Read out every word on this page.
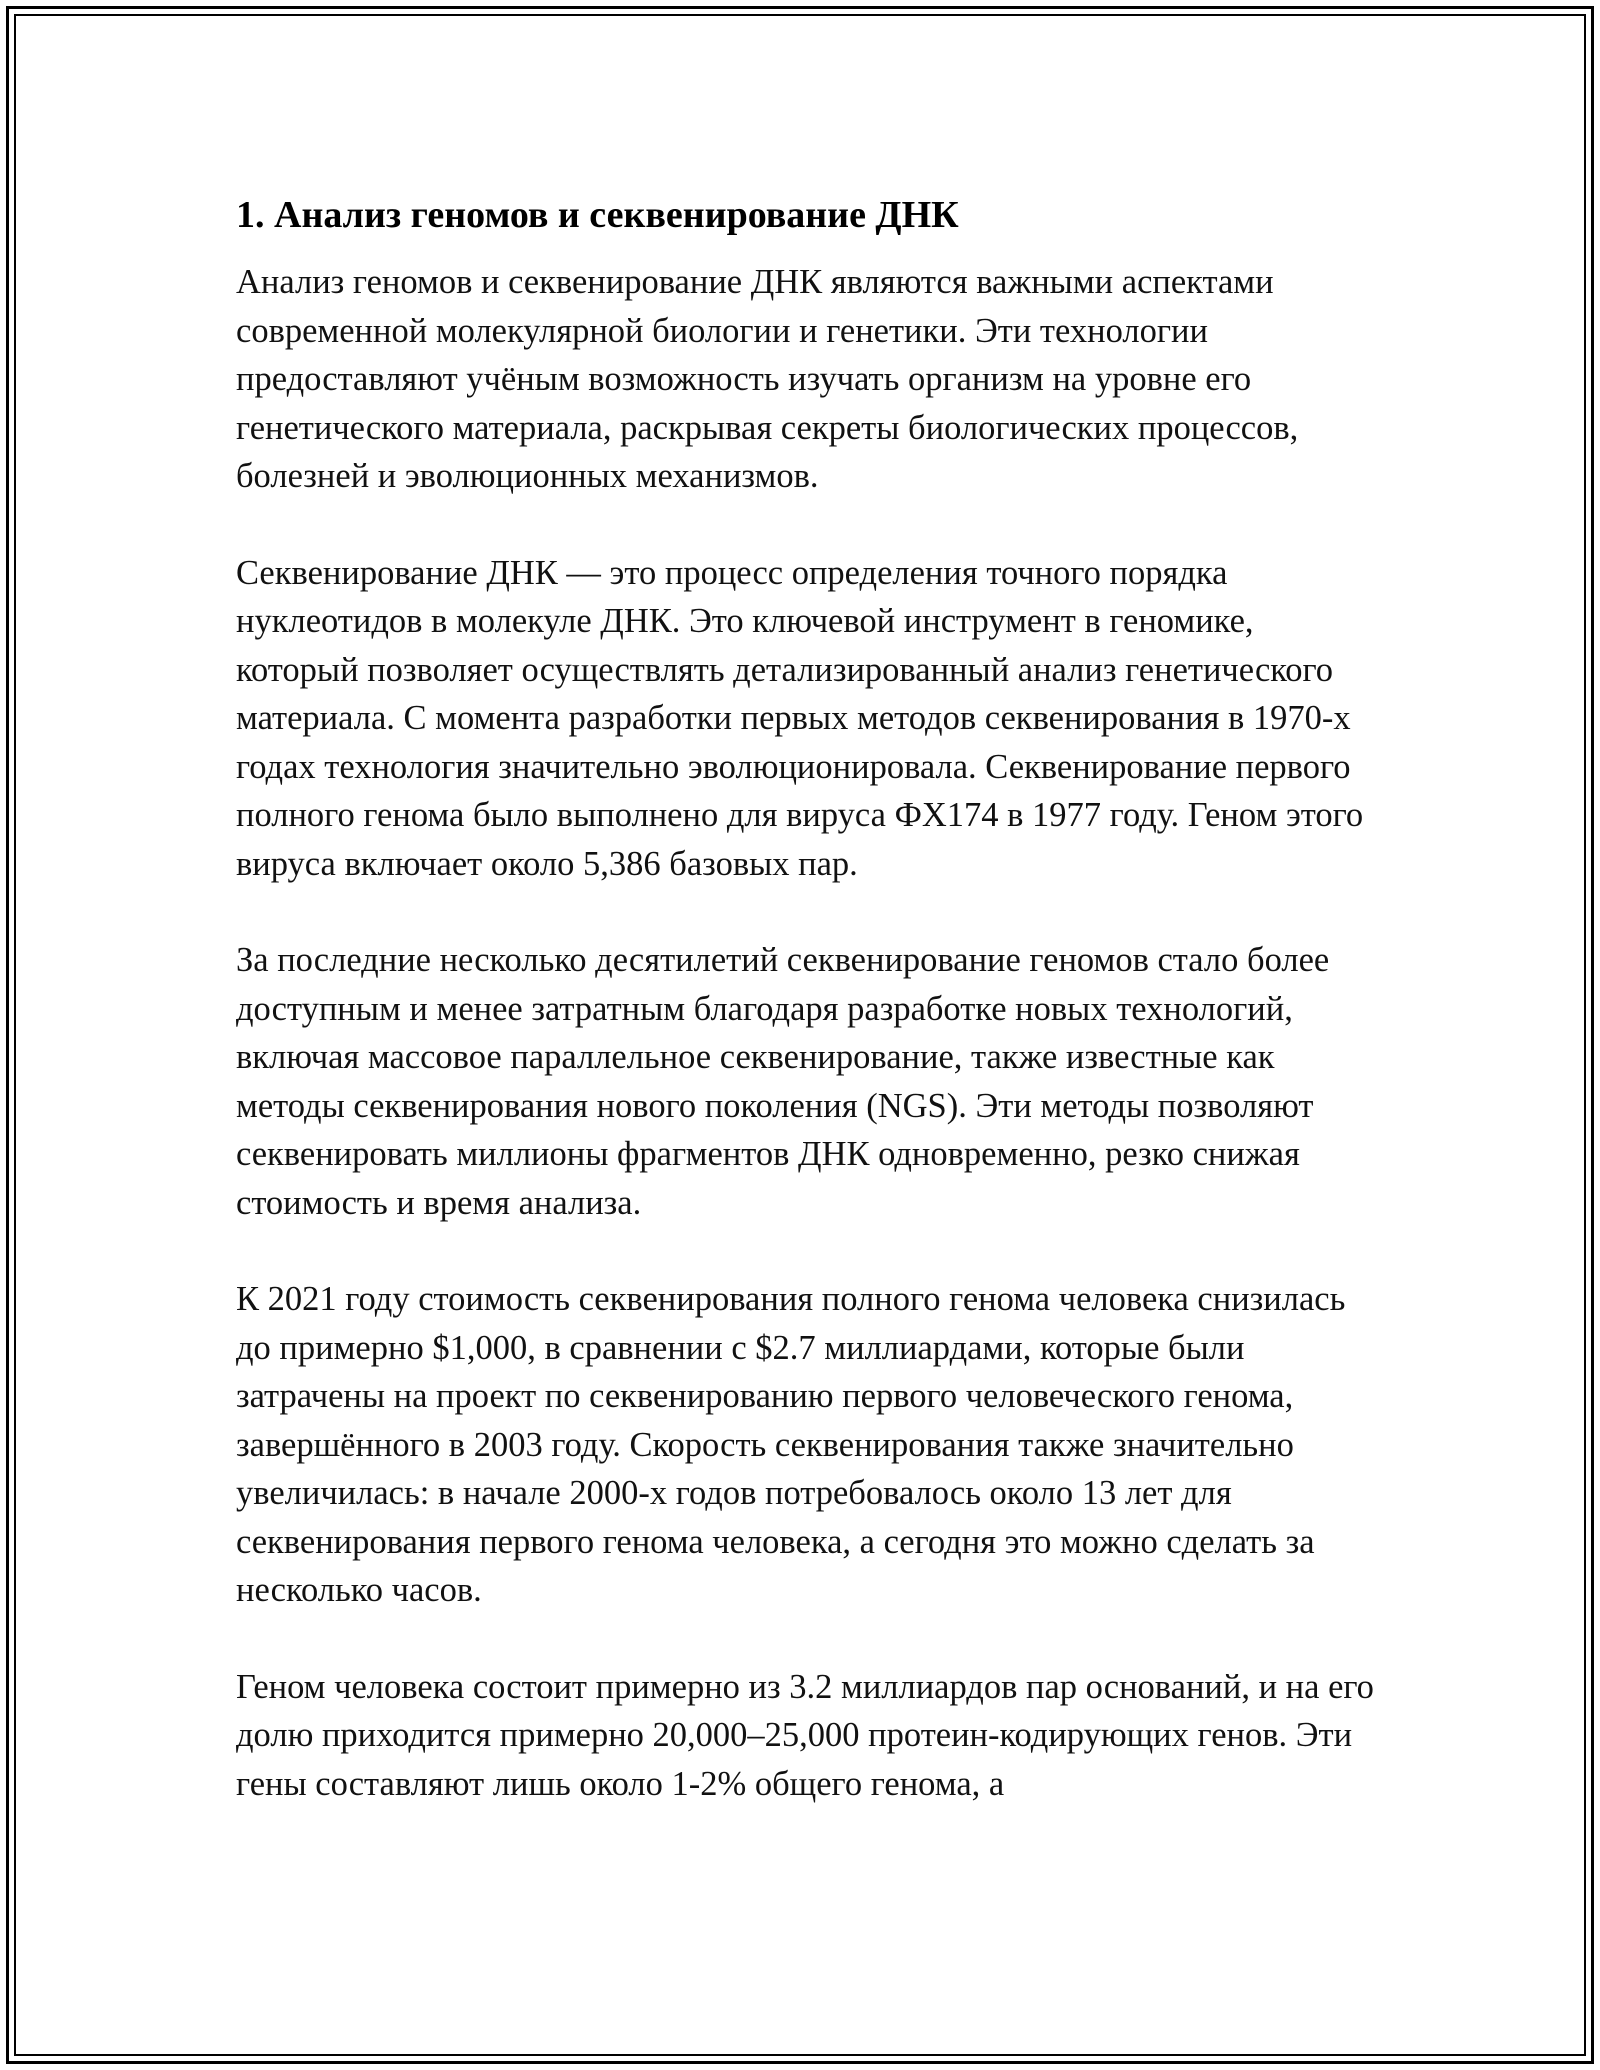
1. Анализ геномов и секвенирование ДНК

Анализ геномов и секвенирование ДНК являются важными аспектами современной молекулярной биологии и генетики. Эти технологии предоставляют учёным возможность изучать организм на уровне его генетического материала, раскрывая секреты биологических процессов, болезней и эволюционных механизмов.

Секвенирование ДНК — это процесс определения точного порядка нуклеотидов в молекуле ДНК. Это ключевой инструмент в геномике, который позволяет осуществлять детализированный анализ генетического материала. С момента разработки первых методов секвенирования в 1970-х годах технология значительно эволюционировала. Секвенирование первого полного генома было выполнено для вируса ФX174 в 1977 году. Геном этого вируса включает около 5,386 базовых пар.

За последние несколько десятилетий секвенирование геномов стало более доступным и менее затратным благодаря разработке новых технологий, включая массовое параллельное секвенирование, также известные как методы секвенирования нового поколения (NGS). Эти методы позволяют секвенировать миллионы фрагментов ДНК одновременно, резко снижая стоимость и время анализа.

К 2021 году стоимость секвенирования полного генома человека снизилась до примерно $1,000, в сравнении с $2.7 миллиардами, которые были затрачены на проект по секвенированию первого человеческого генома, завершённого в 2003 году. Скорость секвенирования также значительно увеличилась: в начале 2000-х годов потребовалось около 13 лет для секвенирования первого генома человека, а сегодня это можно сделать за несколько часов.

Геном человека состоит примерно из 3.2 миллиардов пар оснований, и на его долю приходится примерно 20,000–25,000 протеин-кодирующих генов. Эти гены составляют лишь около 1-2% общего генома, а
